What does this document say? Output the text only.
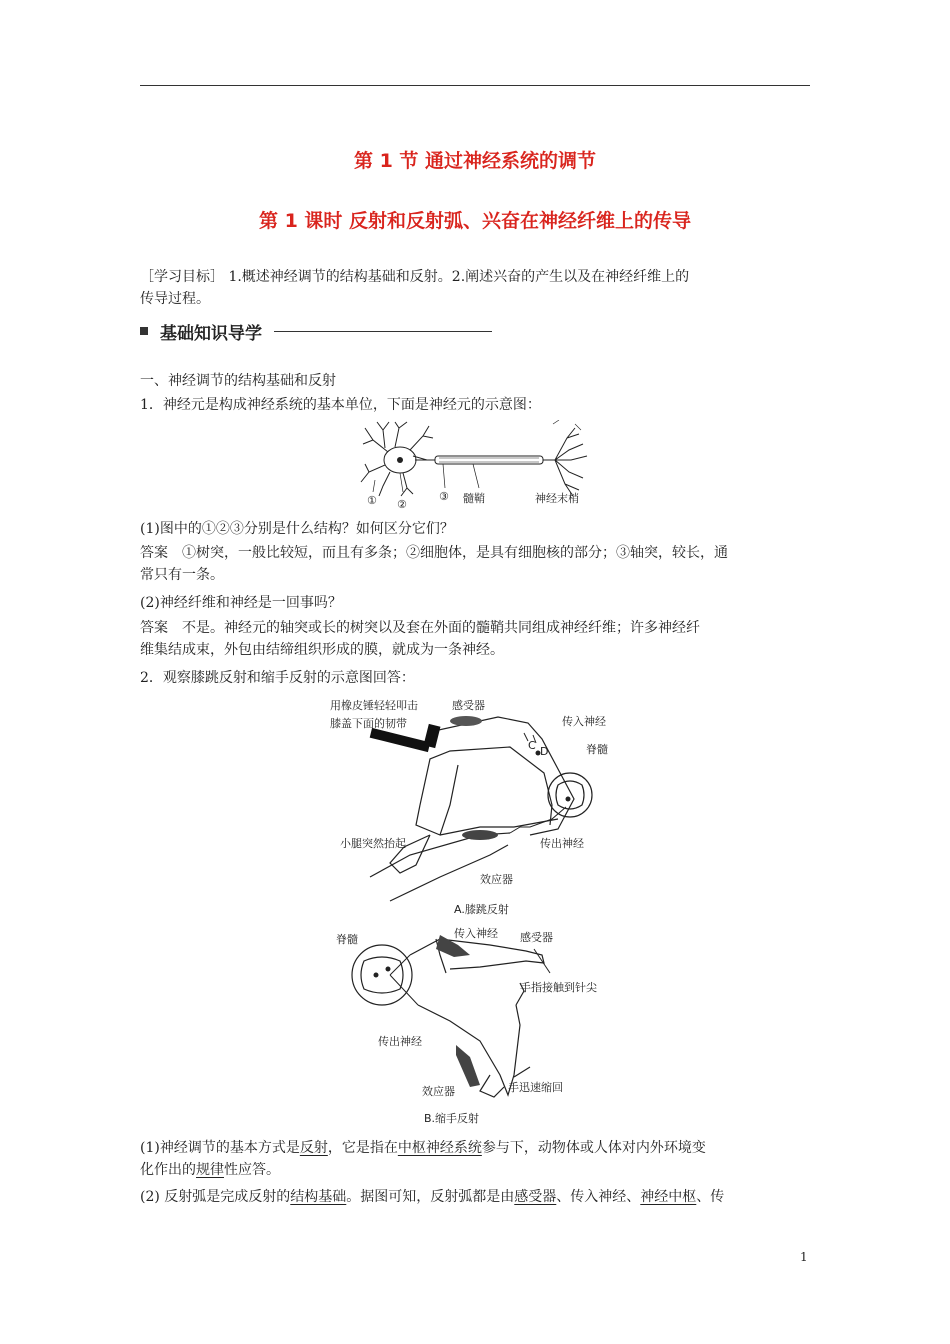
第 1 节 通过神经系统的调节
第 1 课时 反射和反射弧、兴奋在神经纤维上的传导
［学习目标］ 1.概述神经调节的结构基础和反射。2.阐述兴奋的产生以及在神经纤维上的
传导过程。
基础知识导学
一、神经调节的结构基础和反射
1．神经元是构成神经系统的基本单位，下面是神经元的示意图：
① ②
③ 髓鞘	神经末梢
(1)图中的①②③分别是什么结构？如何区分它们？
答案　①树突，一般比较短，而且有多条；②细胞体，是具有细胞核的部分；③轴突，较长，通
常只有一条。
(2)神经纤维和神经是一回事吗？
答案　不是。神经元的轴突或长的树突以及套在外面的髓鞘共同组成神经纤维；许多神经纤
维集结成束，外包由结缔组织形成的膜，就成为一条神经。
2．观察膝跳反射和缩手反射的示意图回答：
用橡皮锤轻轻叩击
膝盖下面的韧带
感受器
传入神经
C D	脊髓
小腿突然抬起	传出神经
效应器
A.膝跳反射
脊髓	传入神经 感受器
手指接触到针尖
传出神经
手迅速缩回
效应器
B.缩手反射
(1)神经调节的基本方式是反射，它是指在中枢神经系统参与下，动物体或人体对内外环境变
化作出的规律性应答。
(2) 反射弧是完成反射的结构基础。据图可知，反射弧都是由感受器、传入神经、神经中枢、传
1
